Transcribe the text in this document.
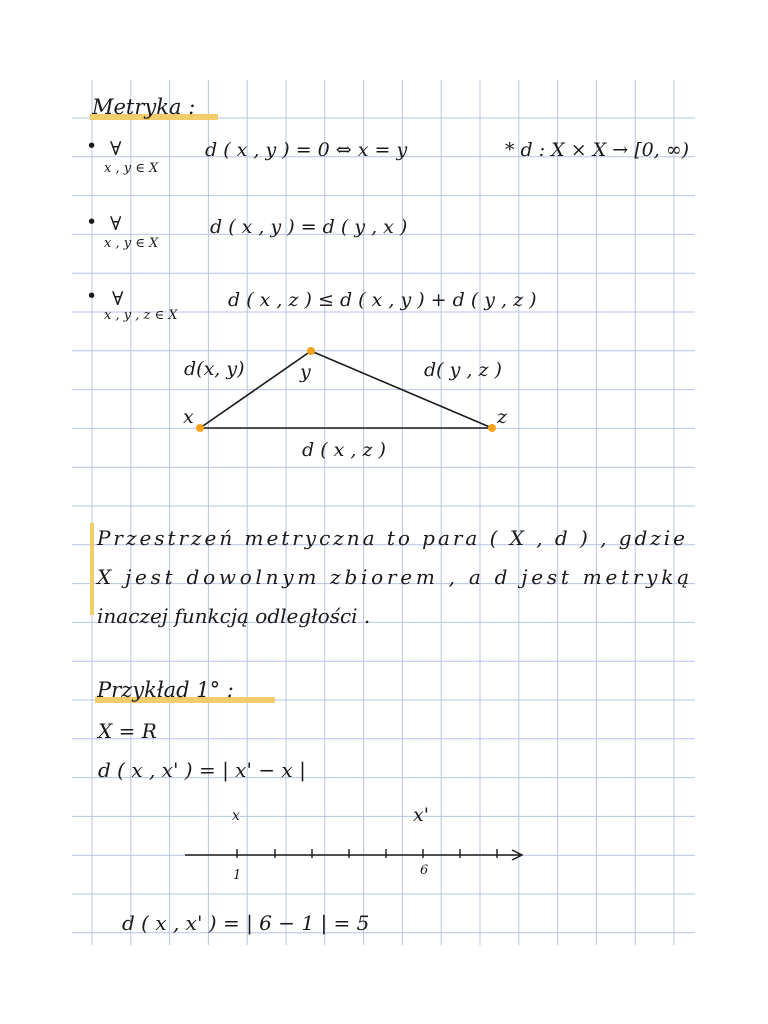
Metryka :
• ∀
x , y ∈ X
d ( x , y ) = 0 ⇔ x = y	* d : X × X → [0, ∞)
• ∀
x , y ∈ X
d ( x , y ) = d ( y , x )
• ∀
x , y , z ∈ X
d ( x , z ) ≤ d ( x , y ) + d ( y , z )
d(x, y)	d( y , z )
d ( x , z )
x
y
z
Przestrzeń metryczna to para ( X , d ) , gdzie
X jest dowolnym zbiorem , a d jest metryką
inaczej funkcją odległości .
Przykład 1° :
X = R
d ( x , x' ) = | x' − x |
x	x'
1	6
d ( x , x' ) = | 6 − 1 | = 5
